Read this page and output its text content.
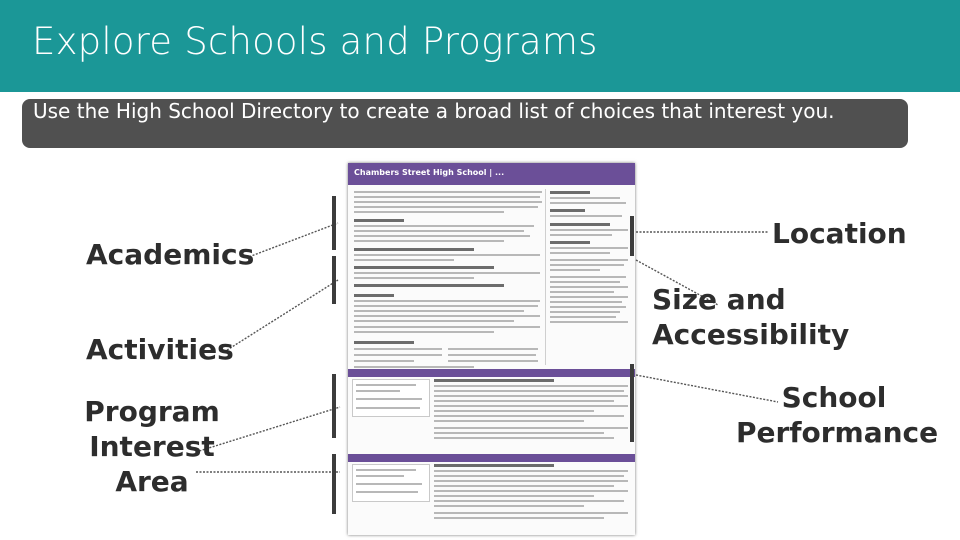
Explore Schools and Programs
Use the High School Directory to create a broad list of choices that interest you.
Chambers Street High School | ...
Academics
Activities
Program
Interest
Area
Location
Size and
Accessibility
School
Performance
